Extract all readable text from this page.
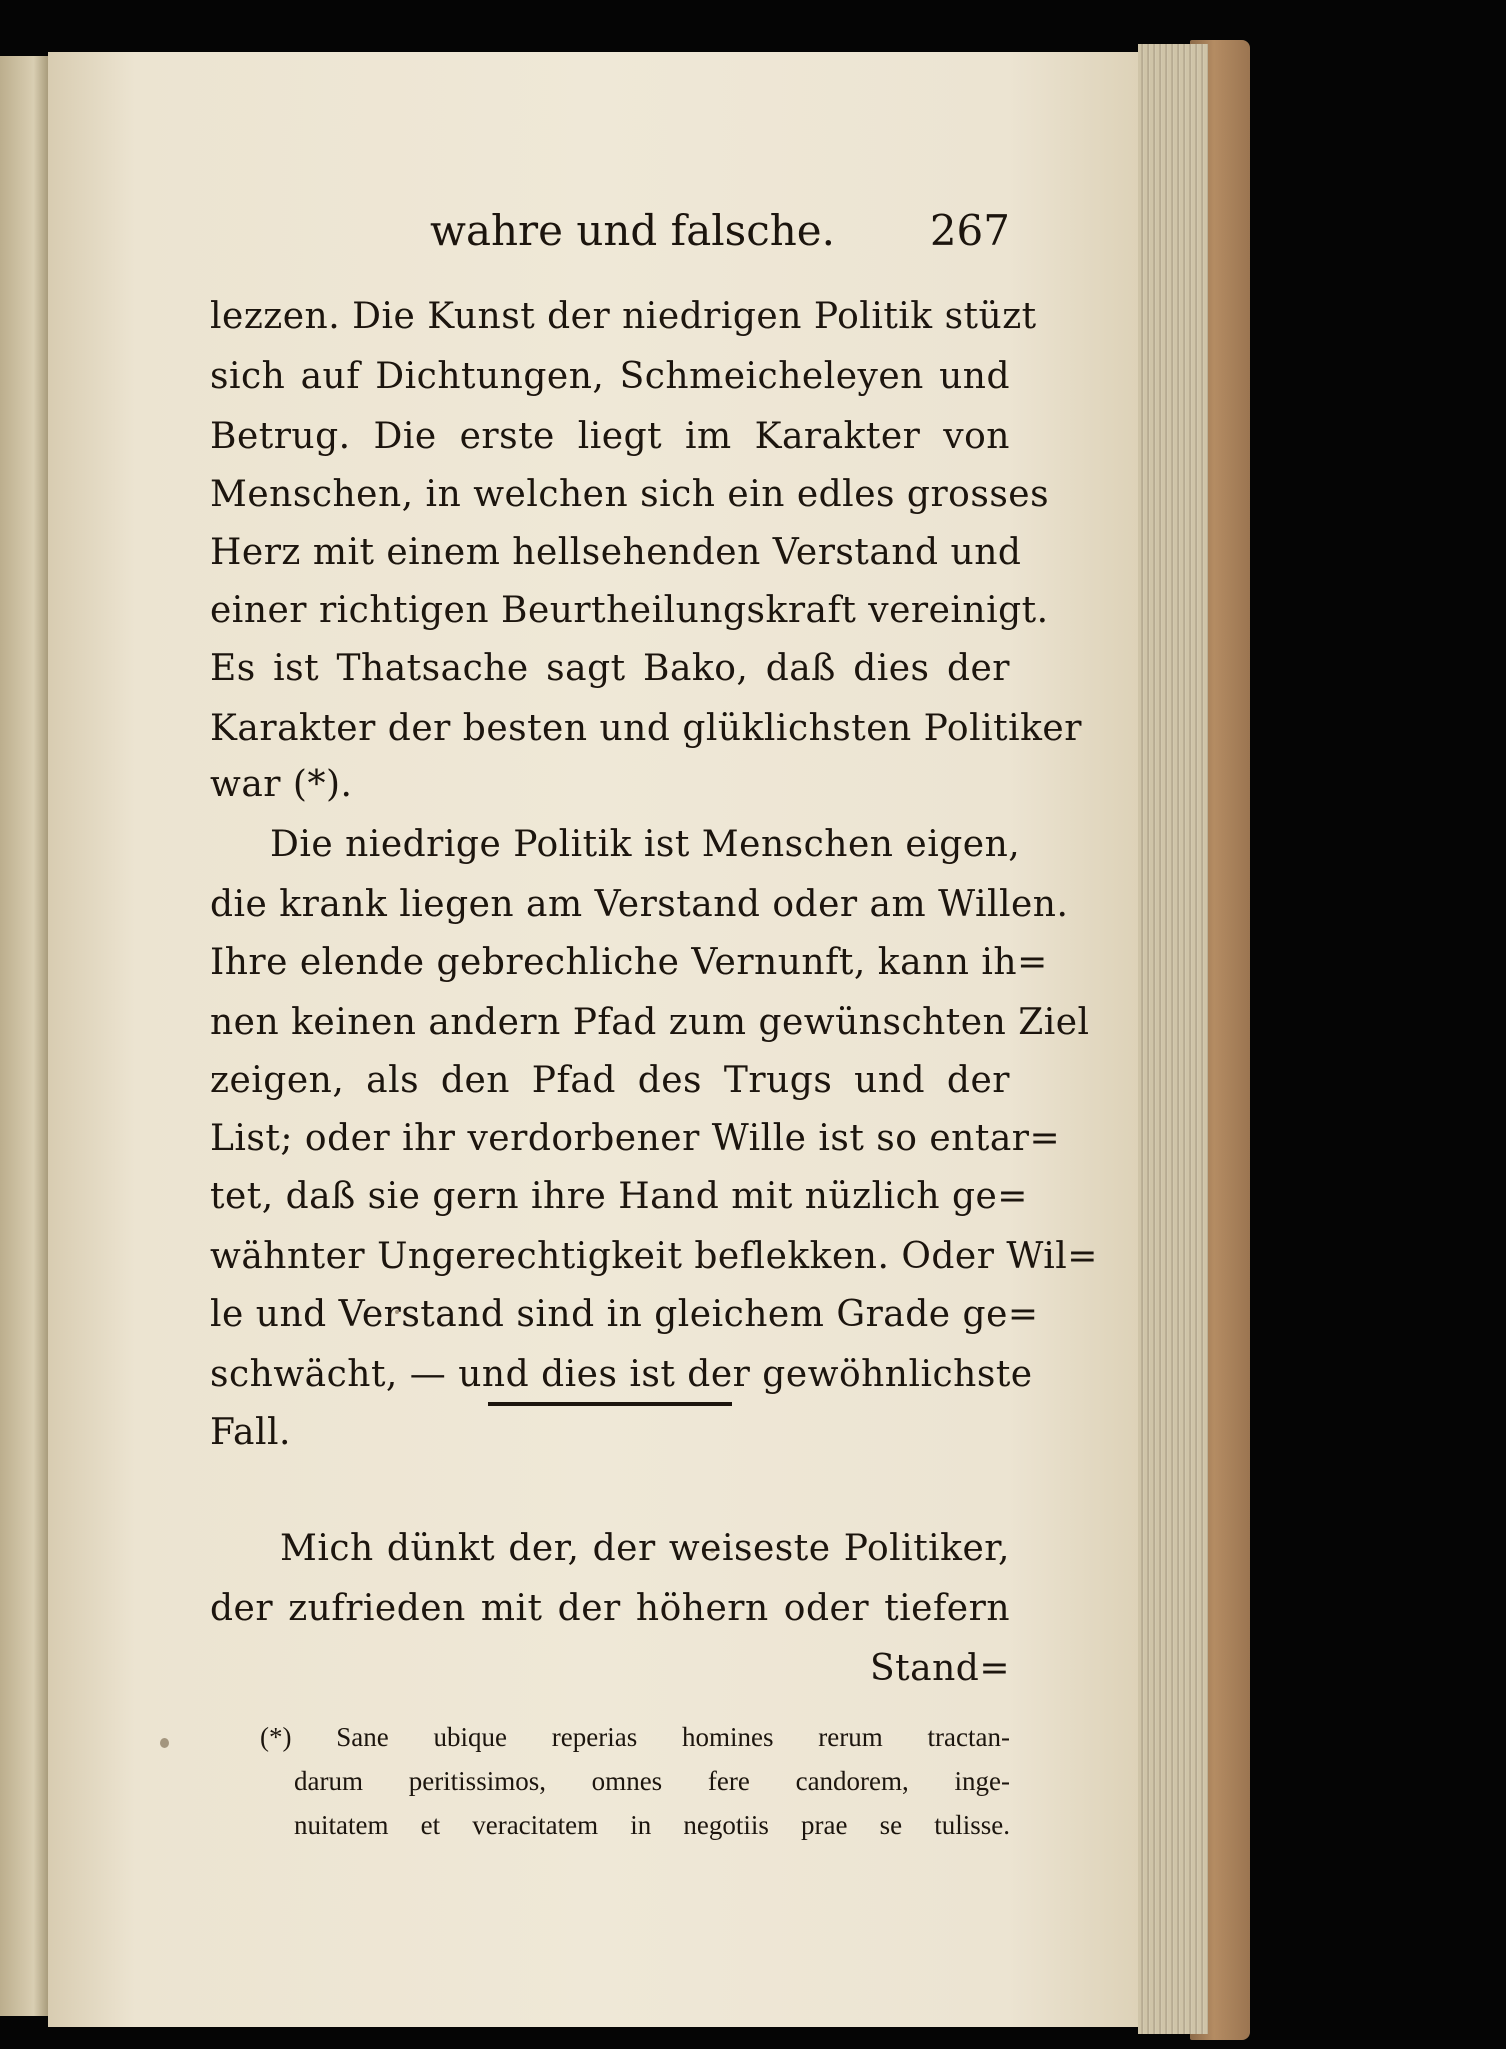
wahre und falsche. 267
lezzen. Die Kunst der niedrigen Politik stüzt
sich auf Dichtungen, Schmeicheleyen und
Betrug. Die erste liegt im Karakter von
Menschen, in welchen sich ein edles grosses
Herz mit einem hellsehenden Verstand und
einer richtigen Beurtheilungskraft vereinigt.
Es ist Thatsache sagt Bako, daß dies der
Karakter der besten und glüklichsten Politiker
war (*).
Die niedrige Politik ist Menschen eigen,
die krank liegen am Verstand oder am Willen.
Ihre elende gebrechliche Vernunft, kann ih=
nen keinen andern Pfad zum gewünschten Ziel
zeigen, als den Pfad des Trugs und der
List; oder ihr verdorbener Wille ist so entar=
tet, daß sie gern ihre Hand mit nüzlich ge=
wähnter Ungerechtigkeit beflekken. Oder Wil=
le und Verstand sind in gleichem Grade ge=
schwächt, — und dies ist der gewöhnlichste
Fall.
Mich dünkt der, der weiseste Politiker,
der zufrieden mit der höhern oder tiefern
Stand=
(*) Sane ubique reperias homines rerum tractan-
darum peritissimos, omnes fere candorem, inge-
nuitatem et veracitatem in negotiis prae se tulisse.
